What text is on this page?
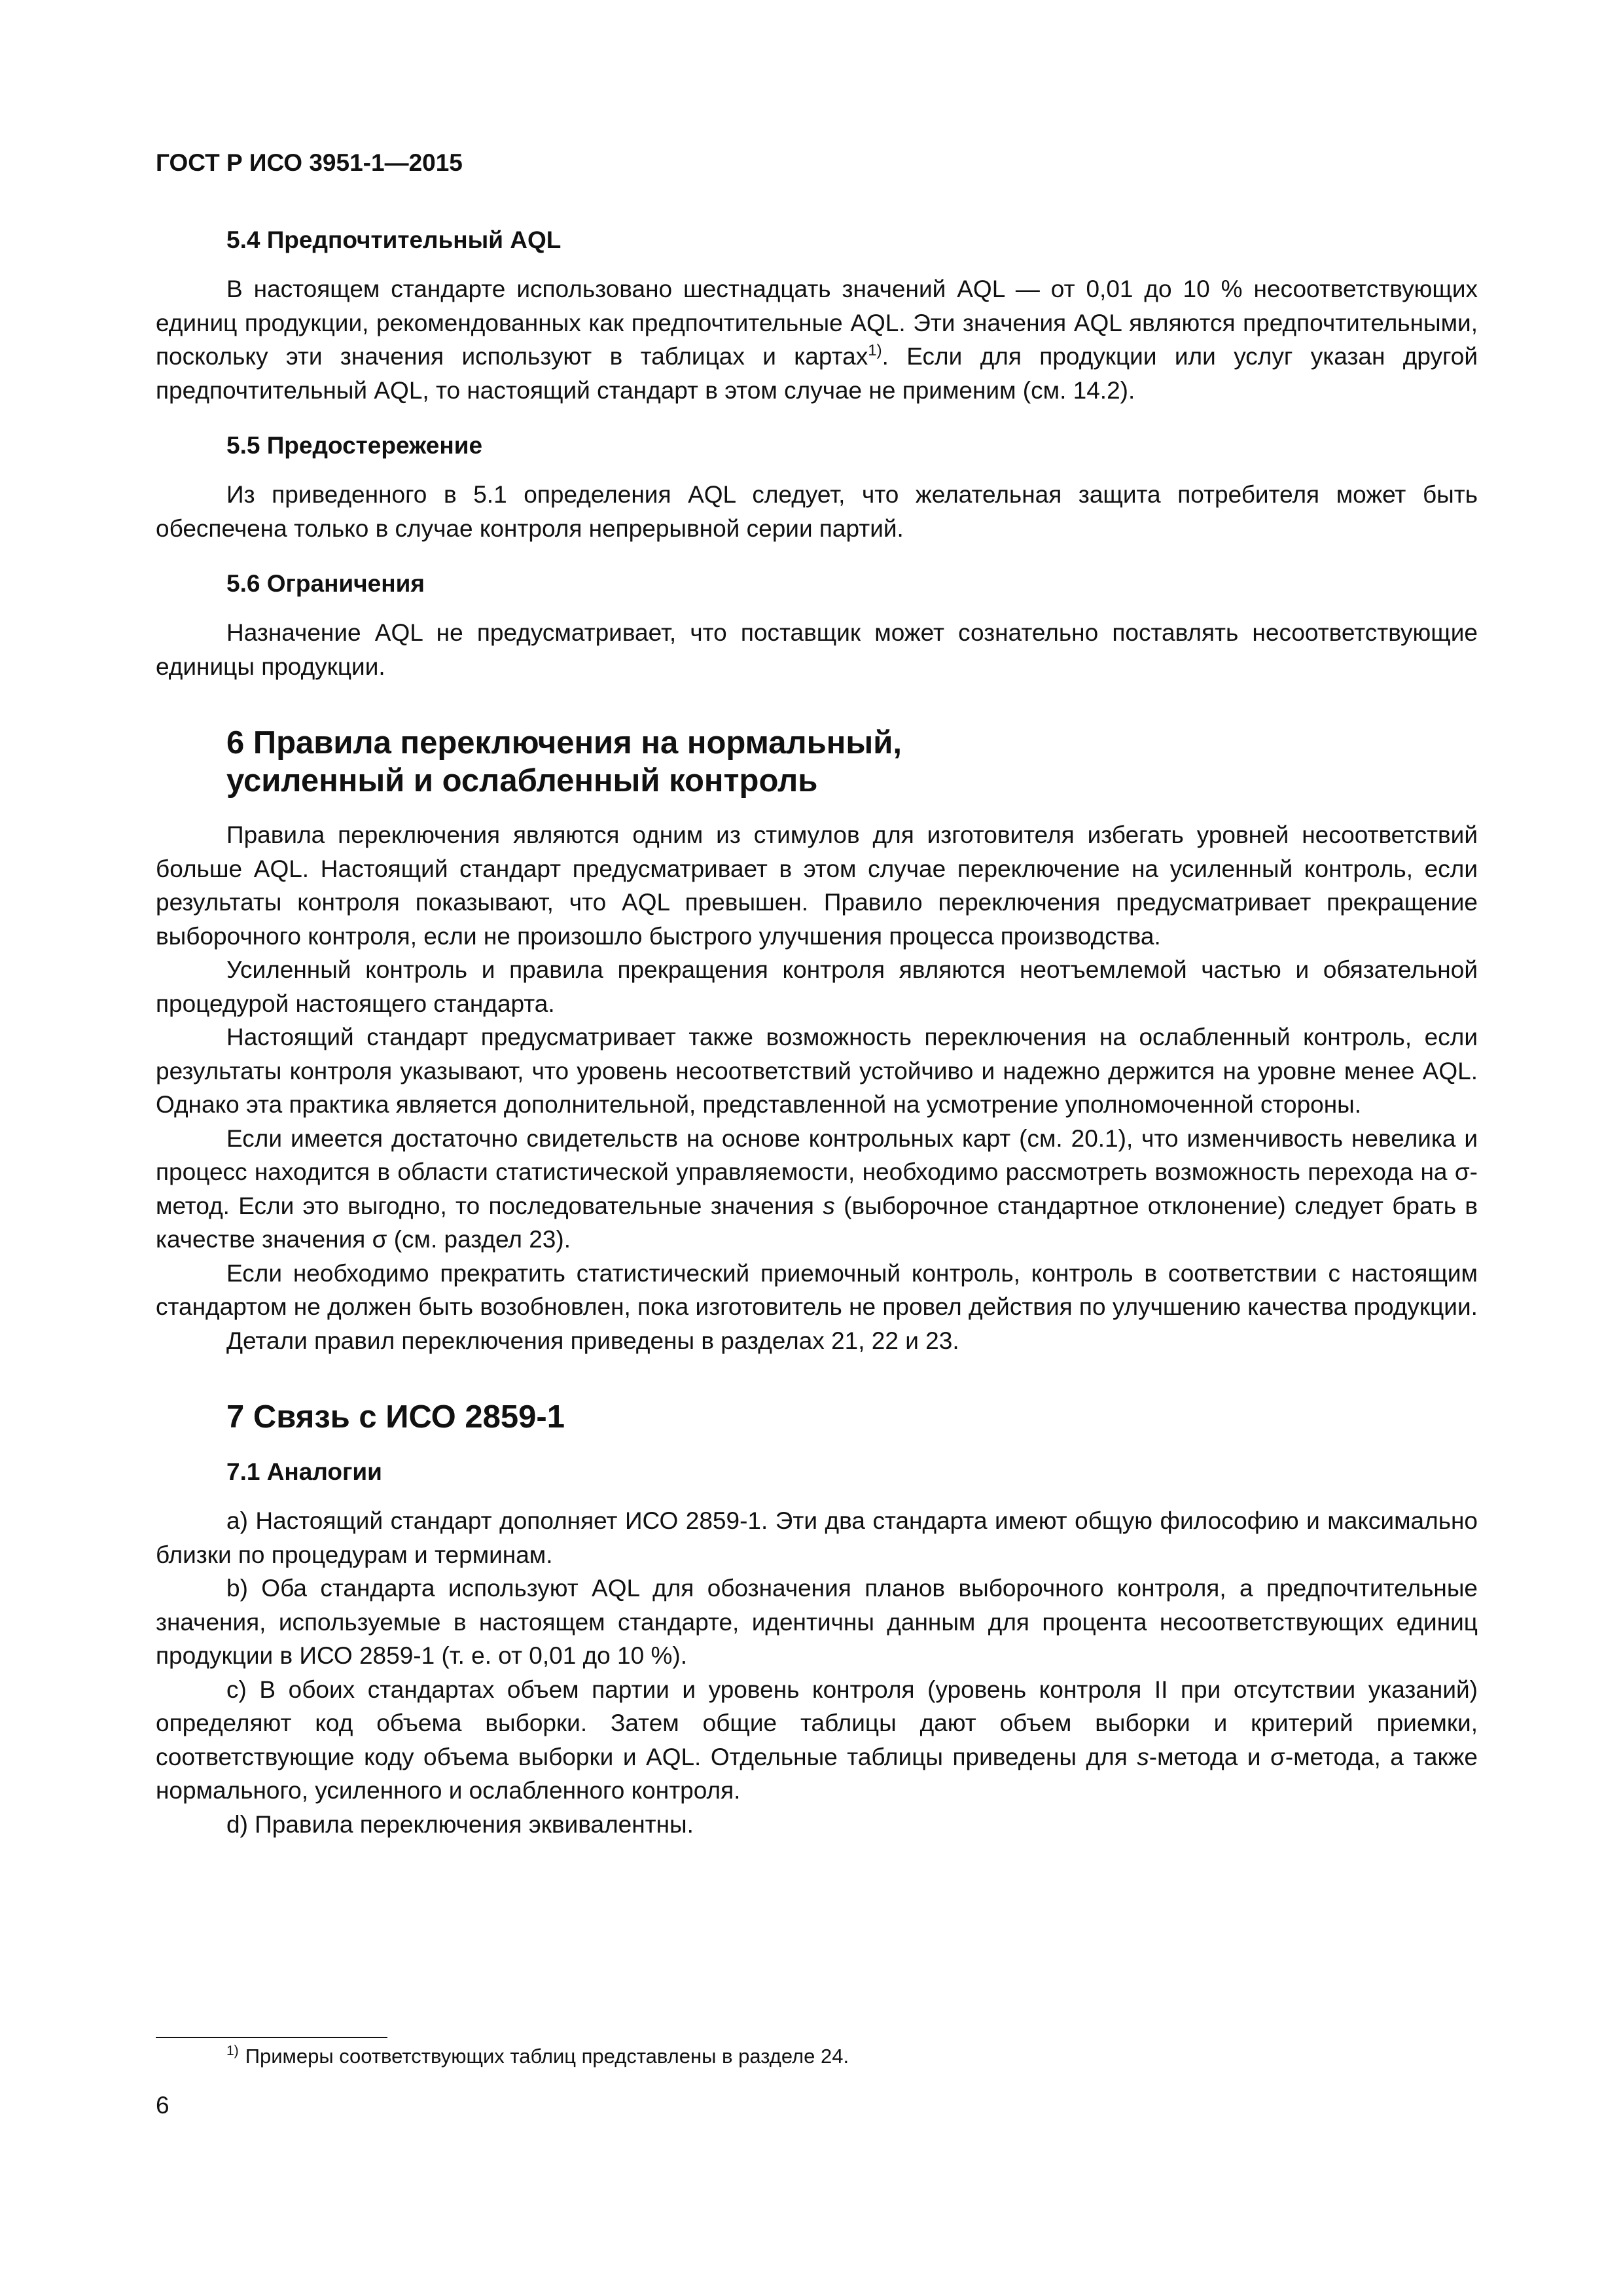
ГОСТ Р ИСО 3951-1—2015
5.4 Предпочтительный AQL

В настоящем стандарте использовано шестнадцать значений AQL — от 0,01 до 10 % несоответствующих единиц продукции, рекомендованных как предпочтительные AQL. Эти значения AQL являются предпочтительными, поскольку эти значения используют в таблицах и картах$^{1)}$. Если для продукции или услуг указан другой предпочтительный AQL, то настоящий стандарт в этом случае не применим (см. 14.2).

5.5 Предостережение

Из приведенного в 5.1 определения AQL следует, что желательная защита потребителя может быть обеспечена только в случае контроля непрерывной серии партий.

5.6 Ограничения

Назначение AQL не предусматривает, что поставщик может сознательно поставлять несоответствующие единицы продукции.

6 Правила переключения на нормальный,
усиленный и ослабленный контроль

Правила переключения являются одним из стимулов для изготовителя избегать уровней несоответствий больше AQL. Настоящий стандарт предусматривает в этом случае переключение на усиленный контроль, если результаты контроля показывают, что AQL превышен. Правило переключения предусматривает прекращение выборочного контроля, если не произошло быстрого улучшения процесса производства.

Усиленный контроль и правила прекращения контроля являются неотъемлемой частью и обязательной процедурой настоящего стандарта.

Настоящий стандарт предусматривает также возможность переключения на ослабленный контроль, если результаты контроля указывают, что уровень несоответствий устойчиво и надежно держится на уровне менее AQL. Однако эта практика является дополнительной, представленной на усмотрение уполномоченной стороны.

Если имеется достаточно свидетельств на основе контрольных карт (см. 20.1), что изменчивость невелика и процесс находится в области статистической управляемости, необходимо рассмотреть возможность перехода на σ-метод. Если это выгодно, то последовательные значения s (выборочное стандартное отклонение) следует брать в качестве значения σ (см. раздел 23).

Если необходимо прекратить статистический приемочный контроль, контроль в соответствии с настоящим стандартом не должен быть возобновлен, пока изготовитель не провел действия по улучшению качества продукции.

Детали правил переключения приведены в разделах 21, 22 и 23.

7 Связь с ИСО 2859-1
7.1 Аналогии

a) Настоящий стандарт дополняет ИСО 2859-1. Эти два стандарта имеют общую философию и максимально близки по процедурам и терминам.

b) Оба стандарта используют AQL для обозначения планов выборочного контроля, а предпочтительные значения, используемые в настоящем стандарте, идентичны данным для процента несоответствующих единиц продукции в ИСО 2859-1 (т. е. от 0,01 до 10 %).

c) В обоих стандартах объем партии и уровень контроля (уровень контроля II при отсутствии указаний) определяют код объема выборки. Затем общие таблицы дают объем выборки и критерий приемки, соответствующие коду объема выборки и AQL. Отдельные таблицы приведены для s-метода и σ-метода, а также нормального, усиленного и ослабленного контроля.

d) Правила переключения эквивалентны.

$^{1)}$ Примеры соответствующих таблиц представлены в разделе 24.
6
